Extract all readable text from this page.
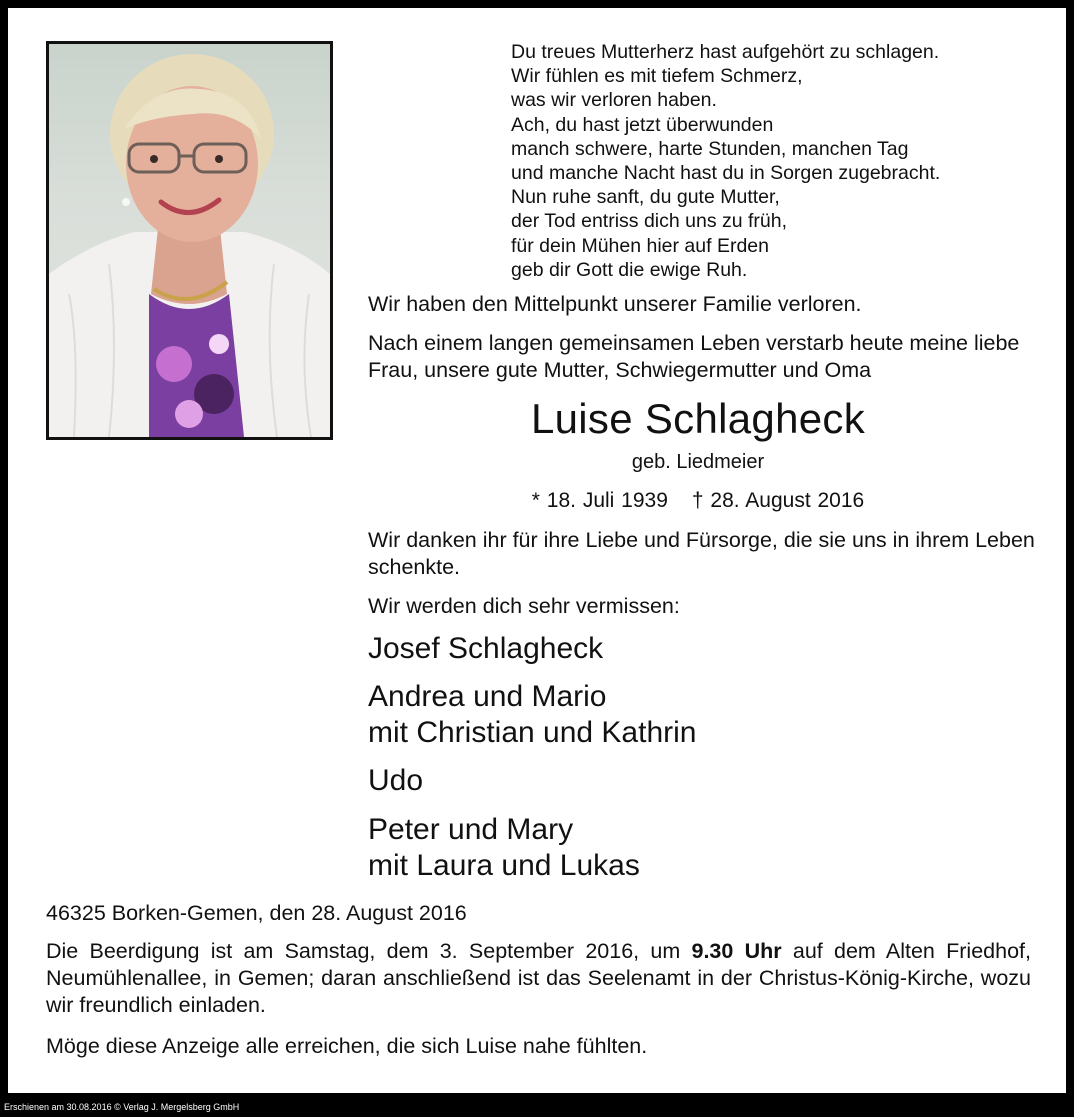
Du treues Mutterherz hast aufgehört zu schlagen.
Wir fühlen es mit tiefem Schmerz,
was wir verloren haben.
Ach, du hast jetzt überwunden
manch schwere, harte Stunden, manchen Tag
und manche Nacht hast du in Sorgen zugebracht.
Nun ruhe sanft, du gute Mutter,
der Tod entriss dich uns zu früh,
für dein Mühen hier auf Erden
geb dir Gott die ewige Ruh.

Wir haben den Mittelpunkt unserer Familie verloren.

Nach einem langen gemeinsamen Leben verstarb heute meine liebe Frau, unsere gute Mutter, Schwiegermutter und Oma

Luise Schlagheck
geb. Liedmeier
* 18. Juli 1939 † 28. August 2016

Wir danken ihr für ihre Liebe und Fürsorge, die sie uns in ihrem Leben schenkte.

Wir werden dich sehr vermissen:

Josef Schlagheck
Andrea und Mario
mit Christian und Kathrin
Udo
Peter und Mary
mit Laura und Lukas

46325 Borken-Gemen, den 28. August 2016

Die Beerdigung ist am Samstag, dem 3. September 2016, um 9.30 Uhr auf dem Alten Friedhof, Neumühlenallee, in Gemen; daran anschließend ist das Seelenamt in der Christus-König-Kirche, wozu wir freundlich einladen.

Möge diese Anzeige alle erreichen, die sich Luise nahe fühlten.

Erschienen am 30.08.2016 © Verlag J. Mergelsberg GmbH
